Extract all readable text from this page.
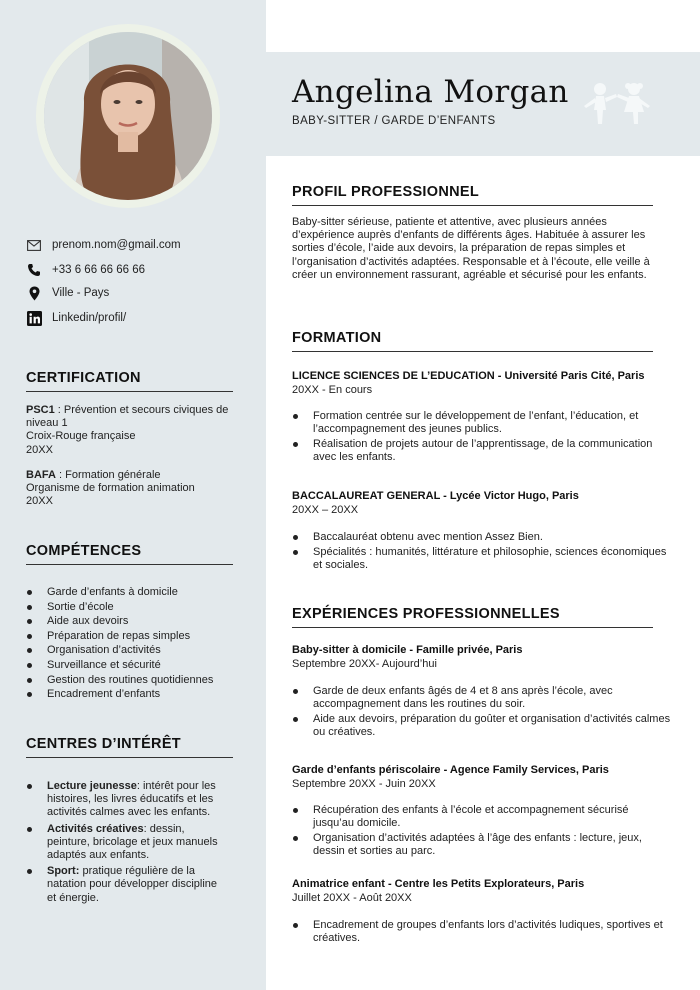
prenom.nom@gmail.com
+33 6 66 66 66 66
Ville - Pays
Linkedin/profil/
CERTIFICATION
PSC1 : Prévention et secours civiques de niveau 1
Croix-Rouge française
20XX
BAFA : Formation générale
Organisme de formation animation
20XX
COMPÉTENCES
Garde d’enfants à domicile
Sortie d’école
Aide aux devoirs
Préparation de repas simples
Organisation d’activités
Surveillance et sécurité
Gestion des routines quotidiennes
Encadrement d’enfants
CENTRES D’INTÉRÊT
Lecture jeunesse: intérêt pour les histoires, les livres éducatifs et les activités calmes avec les enfants.
Activités créatives: dessin, peinture, bricolage et jeux manuels adaptés aux enfants.
Sport: pratique régulière de la natation pour développer discipline et énergie.
Angelina Morgan
BABY-SITTER / GARDE D’ENFANTS
PROFIL PROFESSIONNEL
Baby-sitter sérieuse, patiente et attentive, avec plusieurs années d’expérience auprès d’enfants de différents âges. Habituée à assurer les sorties d’école, l’aide aux devoirs, la préparation de repas simples et l’organisation d’activités adaptées. Responsable et à l’écoute, elle veille à créer un environnement rassurant, agréable et sécurisé pour les enfants.
FORMATION
LICENCE SCIENCES DE L’EDUCATION - Université Paris Cité, Paris
20XX - En cours
Formation centrée sur le développement de l’enfant, l’éducation, et l’accompagnement des jeunes publics.
Réalisation de projets autour de l’apprentissage, de la communication avec les enfants.
BACCALAUREAT GENERAL - Lycée Victor Hugo, Paris
20XX – 20XX
Baccalauréat obtenu avec mention Assez Bien.
Spécialités : humanités, littérature et philosophie, sciences économiques et sociales.
EXPÉRIENCES PROFESSIONNELLES
Baby-sitter à domicile - Famille privée, Paris
Septembre 20XX- Aujourd’hui
Garde de deux enfants âgés de 4 et 8 ans après l’école, avec accompagnement dans les routines du soir.
Aide aux devoirs, préparation du goûter et organisation d’activités calmes ou créatives.
Garde d’enfants périscolaire - Agence Family Services, Paris
Septembre 20XX - Juin 20XX
Récupération des enfants à l’école et accompagnement sécurisé jusqu’au domicile.
Organisation d’activités adaptées à l’âge des enfants : lecture, jeux, dessin et sorties au parc.
Animatrice enfant - Centre les Petits Explorateurs, Paris
Juillet 20XX - Août 20XX
Encadrement de groupes d’enfants lors d’activités ludiques, sportives et créatives.
